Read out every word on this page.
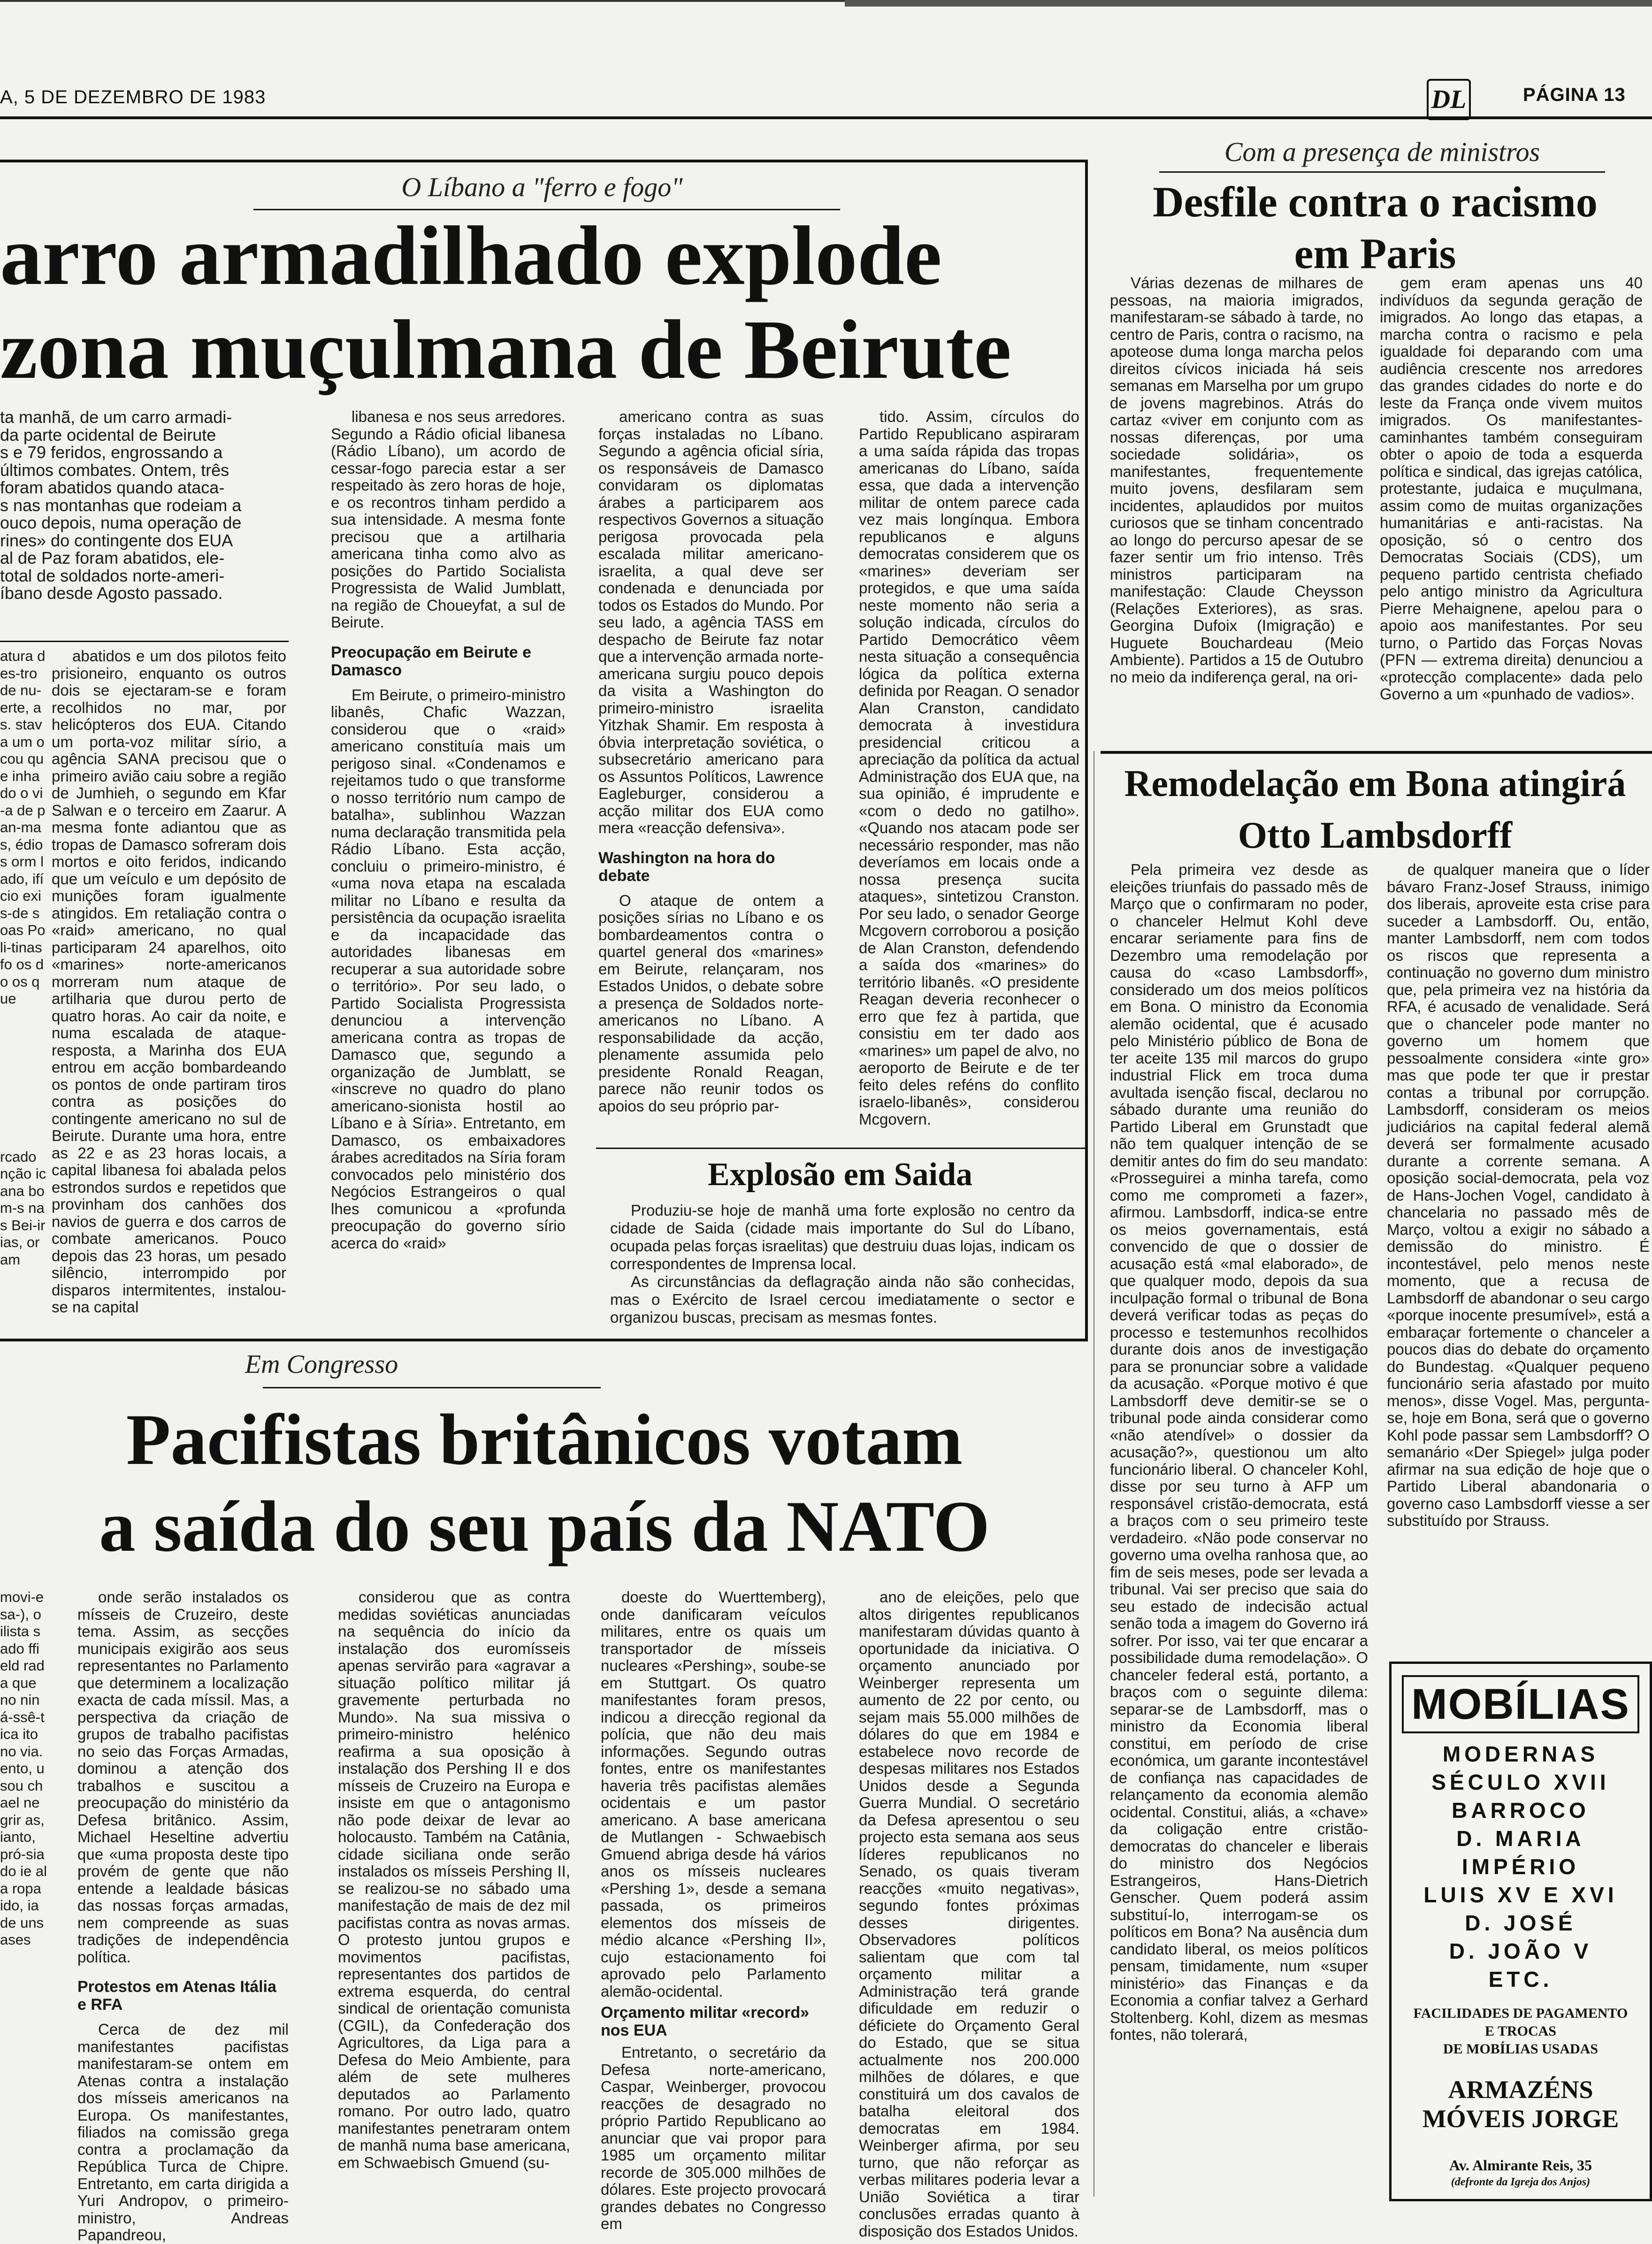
A, 5 DE DEZEMBRO DE 1983	DL	PÁGINA 13
O Líbano a "ferro e fogo"
arro armadilhado explode
zona muçulmana de Beirute
ta manhã, de um carro armadi-
da parte ocidental de Beirute
s e 79 feridos, engrossando a
últimos combates. Ontem, três
foram abatidos quando ataca-
s nas montanhas que rodeiam a
ouco depois, numa operação de
rines» do contingente dos EUA
al de Paz foram abatidos, ele-
total de soldados norte-ameri-
íbano desde Agosto passado.
atura des-tro de nu-erte, as. stava um ocou que inha do o vi-a de pan-mas, édios orm lado, ifício exis-de soas Poli-tinas fo os do os que
rcado nção icana bom-s nas Bei-irias, oram

abatidos e um dos pilotos feito prisioneiro, enquanto os outros dois se ejectaram-se e foram recolhidos no mar, por helicópteros dos EUA. Citando um porta-voz militar sírio, a agência SANA precisou que o primeiro avião caiu sobre a região de Jumhieh, o segundo em Kfar Salwan e o terceiro em Zaarur. A mesma fonte adiantou que as tropas de Damasco sofreram dois mortos e oito feridos, indicando que um veículo e um depósito de munições foram igualmente atingidos. Em retaliação contra o «raid» americano, no qual participaram 24 aparelhos, oito «marines» norte-americanos morreram num ataque de artilharia que durou perto de quatro horas. Ao cair da noite, e numa escalada de ataque-resposta, a Marinha dos EUA entrou em acção bombardeando os pontos de onde partiram tiros contra as posições do contingente americano no sul de Beirute. Durante uma hora, entre as 22 e as 23 horas locais, a capital libanesa foi abalada pelos estrondos surdos e repetidos que provinham dos canhões dos navios de guerra e dos carros de combate americanos. Pouco depois das 23 horas, um pesado silêncio, interrompido por disparos intermitentes, instalou-se na capital

libanesa e nos seus arredores. Segundo a Rádio oficial libanesa (Rádio Líbano), um acordo de cessar-fogo parecia estar a ser respeitado às zero horas de hoje, e os recontros tinham perdido a sua intensidade. A mesma fonte precisou que a artilharia americana tinha como alvo as posições do Partido Socialista Progressista de Walid Jumblatt, na região de Choueyfat, a sul de Beirute.

Preocupação em Beirute e Damasco

Em Beirute, o primeiro-ministro libanês, Chafic Wazzan, considerou que o «raid» americano constituía mais um perigoso sinal. «Condenamos e rejeitamos tudo o que transforme o nosso território num campo de batalha», sublinhou Wazzan numa declaração transmitida pela Rádio Líbano. Esta acção, concluiu o primeiro-ministro, é «uma nova etapa na escalada militar no Líbano e resulta da persistência da ocupação israelita e da incapacidade das autoridades libanesas em recuperar a sua autoridade sobre o território». Por seu lado, o Partido Socialista Progressista denunciou a intervenção americana contra as tropas de Damasco que, segundo a organização de Jumblatt, se «inscreve no quadro do plano americano-sionista hostil ao Líbano e à Síria». Entretanto, em Damasco, os embaixadores árabes acreditados na Síria foram convocados pelo ministério dos Negócios Estrangeiros o qual lhes comunicou a «profunda preocupação do governo sírio acerca do «raid»

americano contra as suas forças instaladas no Líbano. Segundo a agência oficial síria, os responsáveis de Damasco convidaram os diplomatas árabes a participarem aos respectivos Governos a situação perigosa provocada pela escalada militar americano-israelita, a qual deve ser condenada e denunciada por todos os Estados do Mundo. Por seu lado, a agência TASS em despacho de Beirute faz notar que a intervenção armada norte-americana surgiu pouco depois da visita a Washington do primeiro-ministro israelita Yitzhak Shamir. Em resposta à óbvia interpretação soviética, o subsecretário americano para os Assuntos Políticos, Lawrence Eagleburger, considerou a acção militar dos EUA como mera «reacção defensiva».

Washington na hora do debate

O ataque de ontem a posições sírias no Líbano e os bombardeamentos contra o quartel general dos «marines» em Beirute, relançaram, nos Estados Unidos, o debate sobre a presença de Soldados norte-americanos no Líbano. A responsabilidade da acção, plenamente assumida pelo presidente Ronald Reagan, parece não reunir todos os apoios do seu próprio par-

tido. Assim, círculos do Partido Republicano aspiraram a uma saída rápida das tropas americanas do Líbano, saída essa, que dada a intervenção militar de ontem parece cada vez mais longínqua. Embora republicanos e alguns democratas considerem que os «marines» deveriam ser protegidos, e que uma saída neste momento não seria a solução indicada, círculos do Partido Democrático vêem nesta situação a consequência lógica da política externa definida por Reagan. O senador Alan Cranston, candidato democrata à investidura presidencial criticou a apreciação da política da actual Administração dos EUA que, na sua opinião, é imprudente e «com o dedo no gatilho». «Quando nos atacam pode ser necessário responder, mas não deveríamos em locais onde a nossa presença sucita ataques», sintetizou Cranston. Por seu lado, o senador George Mcgovern corroborou a posição de Alan Cranston, defendendo a saída dos «marines» do território libanês. «O presidente Reagan deveria reconhecer o erro que fez à partida, que consistiu em ter dado aos «marines» um papel de alvo, no aeroporto de Beirute e de ter feito deles reféns do conflito israelo-libanês», considerou Mcgovern.

Explosão em Saida

Produziu-se hoje de manhã uma forte explosão no centro da cidade de Saida (cidade mais importante do Sul do Líbano, ocupada pelas forças israelitas) que destruiu duas lojas, indicam os correspondentes de Imprensa local.

As circunstâncias da deflagração ainda não são conhecidas, mas o Exército de Israel cercou imediatamente o sector e organizou buscas, precisam as mesmas fontes.

Com a presença de ministros
Desfile contra o racismo
em Paris

Várias dezenas de milhares de pessoas, na maioria imigrados, manifestaram-se sábado à tarde, no centro de Paris, contra o racismo, na apoteose duma longa marcha pelos direitos cívicos iniciada há seis semanas em Marselha por um grupo de jovens magrebinos. Atrás do cartaz «viver em conjunto com as nossas diferenças, por uma sociedade solidária», os manifestantes, frequentemente muito jovens, desfilaram sem incidentes, aplaudidos por muitos curiosos que se tinham concentrado ao longo do percurso apesar de se fazer sentir um frio intenso. Três ministros participaram na manifestação: Claude Cheysson (Relações Exteriores), as sras. Georgina Dufoix (Imigração) e Huguete Bouchardeau (Meio Ambiente). Partidos a 15 de Outubro no meio da indiferença geral, na ori-

gem eram apenas uns 40 indivíduos da segunda geração de imigrados. Ao longo das etapas, a marcha contra o racismo e pela igualdade foi deparando com uma audiência crescente nos arredores das grandes cidades do norte e do leste da França onde vivem muitos imigrados. Os manifestantes-caminhantes também conseguiram obter o apoio de toda a esquerda política e sindical, das igrejas católica, protestante, judaica e muçulmana, assim como de muitas organizações humanitárias e anti-racistas. Na oposição, só o centro dos Democratas Sociais (CDS), um pequeno partido centrista chefiado pelo antigo ministro da Agricultura Pierre Mehaignene, apelou para o apoio aos manifestantes. Por seu turno, o Partido das Forças Novas (PFN — extrema direita) denunciou a «protecção complacente» dada pelo Governo a um «punhado de vadios».

Remodelação em Bona atingirá
Otto Lambsdorff

Pela primeira vez desde as eleições triunfais do passado mês de Março que o confirmaram no poder, o chanceler Helmut Kohl deve encarar seriamente para fins de Dezembro uma remodelação por causa do «caso Lambsdorff», considerado um dos meios políticos em Bona. O ministro da Economia alemão ocidental, que é acusado pelo Ministério público de Bona de ter aceite 135 mil marcos do grupo industrial Flick em troca duma avultada isenção fiscal, declarou no sábado durante uma reunião do Partido Liberal em Grunstadt que não tem qualquer intenção de se demitir antes do fim do seu mandato: «Prosseguirei a minha tarefa, como como me comprometi a fazer», afirmou. Lambsdorff, indica-se entre os meios governamentais, está convencido de que o dossier de acusação está «mal elaborado», de que qualquer modo, depois da sua inculpação formal o tribunal de Bona deverá verificar todas as peças do processo e testemunhos recolhidos durante dois anos de investigação para se pronunciar sobre a validade da acusação. «Porque motivo é que Lambsdorff deve demitir-se se o tribunal pode ainda considerar como «não atendível» o dossier da acusação?», questionou um alto funcionário liberal. O chanceler Kohl, disse por seu turno à AFP um responsável cristão-democrata, está a braços com o seu primeiro teste verdadeiro. «Não pode conservar no governo uma ovelha ranhosa que, ao fim de seis meses, pode ser levada a tribunal. Vai ser preciso que saia do seu estado de indecisão actual senão toda a imagem do Governo irá sofrer. Por isso, vai ter que encarar a possibilidade duma remodelação». O chanceler federal está, portanto, a braços com o seguinte dilema: separar-se de Lambsdorff, mas o ministro da Economia liberal constitui, em período de crise económica, um garante incontestável de confiança nas capacidades de relançamento da economia alemão ocidental. Constitui, aliás, a «chave» da coligação entre cristão-democratas do chanceler e liberais do ministro dos Negócios Estrangeiros, Hans-Dietrich Genscher. Quem poderá assim substituí-lo, interrogam-se os políticos em Bona? Na ausência dum candidato liberal, os meios políticos pensam, timidamente, num «super ministério» das Finanças e da Economia a confiar talvez a Gerhard Stoltenberg. Kohl, dizem as mesmas fontes, não tolerará,

de qualquer maneira que o líder bávaro Franz-Josef Strauss, inimigo dos liberais, aproveite esta crise para suceder a Lambsdorff. Ou, então, manter Lambsdorff, nem com todos os riscos que representa a continuação no governo dum ministro que, pela primeira vez na história da RFA, é acusado de venalidade. Será que o chanceler pode manter no governo um homem que pessoalmente considera «inte gro» mas que pode ter que ir prestar contas a tribunal por corrupção. Lambsdorff, consideram os meios judiciários na capital federal alemã deverá ser formalmente acusado durante a corrente semana. A oposição social-democrata, pela voz de Hans-Jochen Vogel, candidato à chancelaria no passado mês de Março, voltou a exigir no sábado a demissão do ministro. É incontestável, pelo menos neste momento, que a recusa de Lambsdorff de abandonar o seu cargo «porque inocente presumível», está a embaraçar fortemente o chanceler a poucos dias do debate do orçamento do Bundestag. «Qualquer pequeno funcionário seria afastado por muito menos», disse Vogel. Mas, pergunta-se, hoje em Bona, será que o governo Kohl pode passar sem Lambsdorff? O semanário «Der Spiegel» julga poder afirmar na sua edição de hoje que o Partido Liberal abandonaria o governo caso Lambsdorff viesse a ser substituído por Strauss.

MOBÍLIAS
MODERNAS
SÉCULO XVII
BARROCO
D. MARIA
IMPÉRIO
LUIS XV E XVI
D. JOSÉ
D. JOÃO V
ETC.
FACILIDADES DE PAGAMENTO
E TROCAS
DE MOBÍLIAS USADAS
ARMAZÉNS
MÓVEIS JORGE
Av. Almirante Reis, 35
(defronte da Igreja dos Anjos)
Em Congresso
Pacifistas britânicos votam
a saída do seu país da NATO
movi-esa-), o ilista sado ffield rada que no niná-ssê-tica ito no via. ento, usou chael negrir as, ianto, pró-siado ie ala ropa ido, ia de uns ases

onde serão instalados os mísseis de Cruzeiro, deste tema. Assim, as secções municipais exigirão aos seus representantes no Parlamento que determinem a localização exacta de cada míssil. Mas, a perspectiva da criação de grupos de trabalho pacifistas no seio das Forças Armadas, dominou a atenção dos trabalhos e suscitou a preocupação do ministério da Defesa britânico. Assim, Michael Heseltine advertiu que «uma proposta deste tipo provém de gente que não entende a lealdade básicas das nossas forças armadas, nem compreende as suas tradições de independência política.

Protestos em Atenas Itália e RFA

Cerca de dez mil manifestantes pacifistas manifestaram-se ontem em Atenas contra a instalação dos mísseis americanos na Europa. Os manifestantes, filiados na comissão grega contra a proclamação da República Turca de Chipre. Entretanto, em carta dirigida a Yuri Andropov, o primeiro-ministro, Andreas Papandreou,

considerou que as contra medidas soviéticas anunciadas na sequência do início da instalação dos euromísseis apenas servirão para «agravar a situação político militar já gravemente perturbada no Mundo». Na sua missiva o primeiro-ministro helénico reafirma a sua oposição à instalação dos Pershing II e dos mísseis de Cruzeiro na Europa e insiste em que o antagonismo não pode deixar de levar ao holocausto. Também na Catânia, cidade siciliana onde serão instalados os mísseis Pershing II, se realizou-se no sábado uma manifestação de mais de dez mil pacifistas contra as novas armas. O protesto juntou grupos e movimentos pacifistas, representantes dos partidos de extrema esquerda, do central sindical de orientação comunista (CGIL), da Confederação dos Agricultores, da Liga para a Defesa do Meio Ambiente, para além de sete mulheres deputados ao Parlamento romano. Por outro lado, quatro manifestantes penetraram ontem de manhã numa base americana, em Schwaebisch Gmuend (su-

doeste do Wuerttemberg), onde danificaram veículos militares, entre os quais um transportador de mísseis nucleares «Pershing», soube-se em Stuttgart. Os quatro manifestantes foram presos, indicou a direcção regional da polícia, que não deu mais informações. Segundo outras fontes, entre os manifestantes haveria três pacifistas alemães ocidentais e um pastor americano. A base americana de Mutlangen - Schwaebisch Gmuend abriga desde há vários anos os mísseis nucleares «Pershing 1», desde a semana passada, os primeiros elementos dos mísseis de médio alcance «Pershing II», cujo estacionamento foi aprovado pelo Parlamento alemão-ocidental.

Orçamento militar «record» nos EUA

Entretanto, o secretário da Defesa norte-americano, Caspar, Weinberger, provocou reacções de desagrado no próprio Partido Republicano ao anunciar que vai propor para 1985 um orçamento militar recorde de 305.000 milhões de dólares. Este projecto provocará grandes debates no Congresso em

ano de eleições, pelo que altos dirigentes republicanos manifestaram dúvidas quanto à oportunidade da iniciativa. O orçamento anunciado por Weinberger representa um aumento de 22 por cento, ou sejam mais 55.000 milhões de dólares do que em 1984 e estabelece novo recorde de despesas militares nos Estados Unidos desde a Segunda Guerra Mundial. O secretário da Defesa apresentou o seu projecto esta semana aos seus líderes republicanos no Senado, os quais tiveram reacções «muito negativas», segundo fontes próximas desses dirigentes. Observadores políticos salientam que com tal orçamento militar a Administração terá grande dificuldade em reduzir o déficiete do Orçamento Geral do Estado, que se situa actualmente nos 200.000 milhões de dólares, e que constituirá um dos cavalos de batalha eleitoral dos democratas em 1984. Weinberger afirma, por seu turno, que não reforçar as verbas militares poderia levar a União Soviética a tirar conclusões erradas quanto à disposição dos Estados Unidos.
